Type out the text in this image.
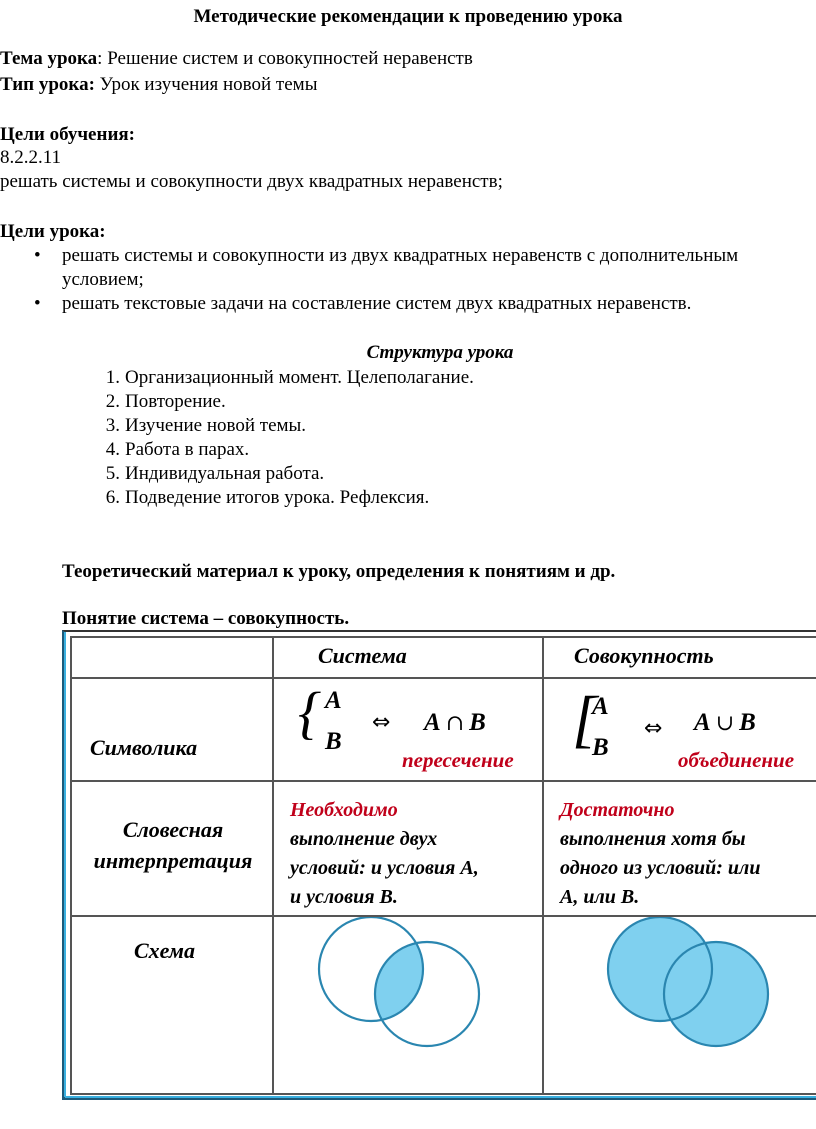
Методические рекомендации к проведению урока
Тема урока: Решение систем и совокупностей неравенств
Тип урока: Урок изучения новой темы
Цели обучения:
8.2.2.11
решать системы и совокупности двух квадратных неравенств;
Цели урока:
• решать системы и совокупности из двух квадратных неравенств с дополнительным
условием;
• решать текстовые задачи на составление систем двух квадратных неравенств.
Структура урока
1. Организационный момент. Целеполагание.
2. Повторение.
3. Изучение новой темы.
4. Работа в парах.
5. Индивидуальная работа.
6. Подведение итогов урока. Рефлексия.
Теоретический материал к уроку, определения к понятиям и др.
Понятие система – совокупность.
Система	Совокупность
Символика
{ A
B
⇔ A  ∩  B
пересечение
[
A
B
⇔ A  ∪  B
объединение
Словесная
интерпретация
Необходимо
выполнение двух
условий: и условия А,
и условия В.
Достаточно
выполнения хотя бы
одного из условий: или
А, или В.
Схема
